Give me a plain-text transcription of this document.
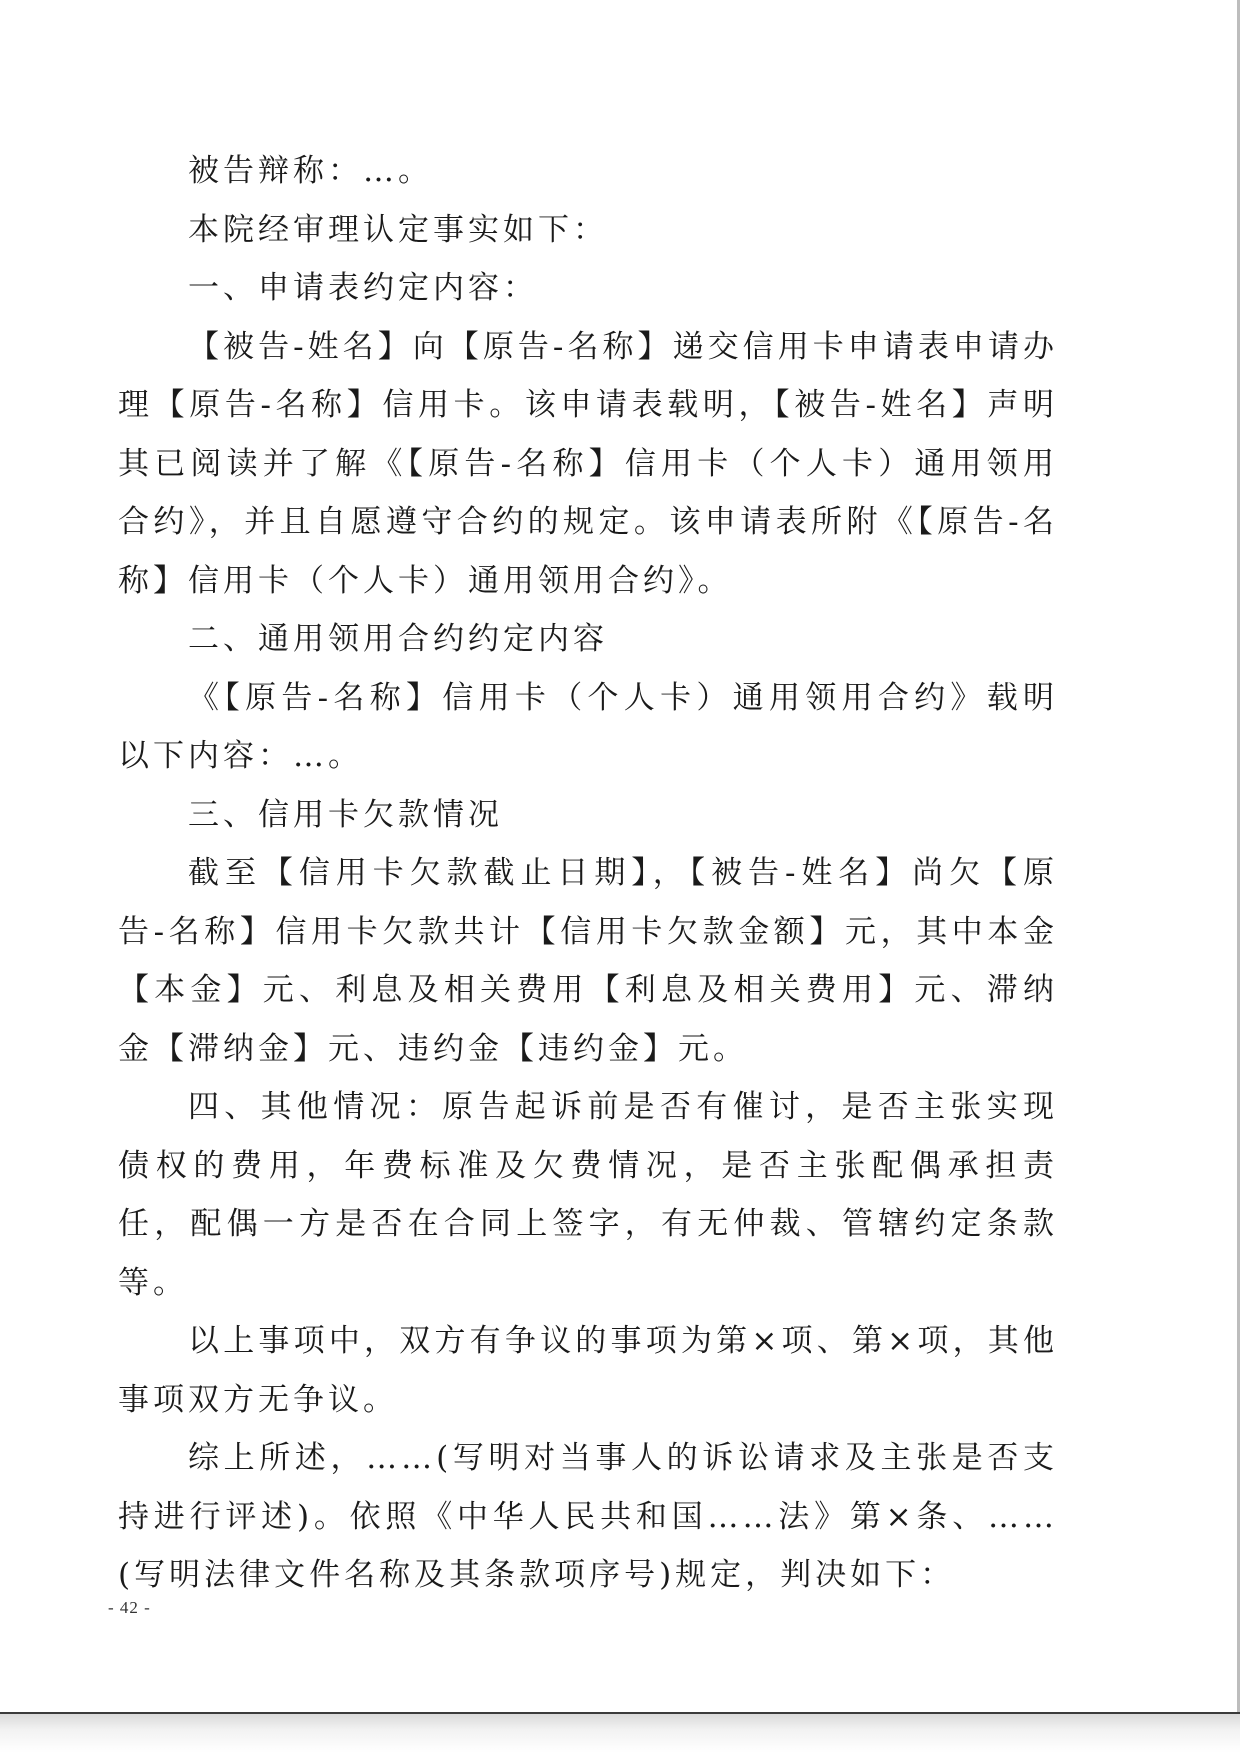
被告辩称：…。

本院经审理认定事实如下：

一、申请表约定内容：

【被告-姓名】向【原告-名称】递交信用卡申请表申请办理【原告-名称】信用卡。该申请表载明，【被告-姓名】声明其已阅读并了解《【原告-名称】信用卡（个人卡）通用领用合约》，并且自愿遵守合约的规定。该申请表所附《【原告-名称】信用卡（个人卡）通用领用合约》。

二、通用领用合约约定内容

《【原告-名称】信用卡（个人卡）通用领用合约》载明以下内容：…。

三、信用卡欠款情况

截至【信用卡欠款截止日期】，【被告-姓名】尚欠【原告-名称】信用卡欠款共计【信用卡欠款金额】元，其中本金【本金】元、利息及相关费用【利息及相关费用】元、滞纳金【滞纳金】元、违约金【违约金】元。

四、其他情况：原告起诉前是否有催讨，是否主张实现债权的费用，年费标准及欠费情况，是否主张配偶承担责任，配偶一方是否在合同上签字，有无仲裁、管辖约定条款等。

以上事项中，双方有争议的事项为第×项、第×项，其他事项双方无争议。

综上所述，……(写明对当事人的诉讼请求及主张是否支持进行评述)。依照《中华人民共和国……法》第×条、……(写明法律文件名称及其条款项序号)规定，判决如下：

- 42 -
